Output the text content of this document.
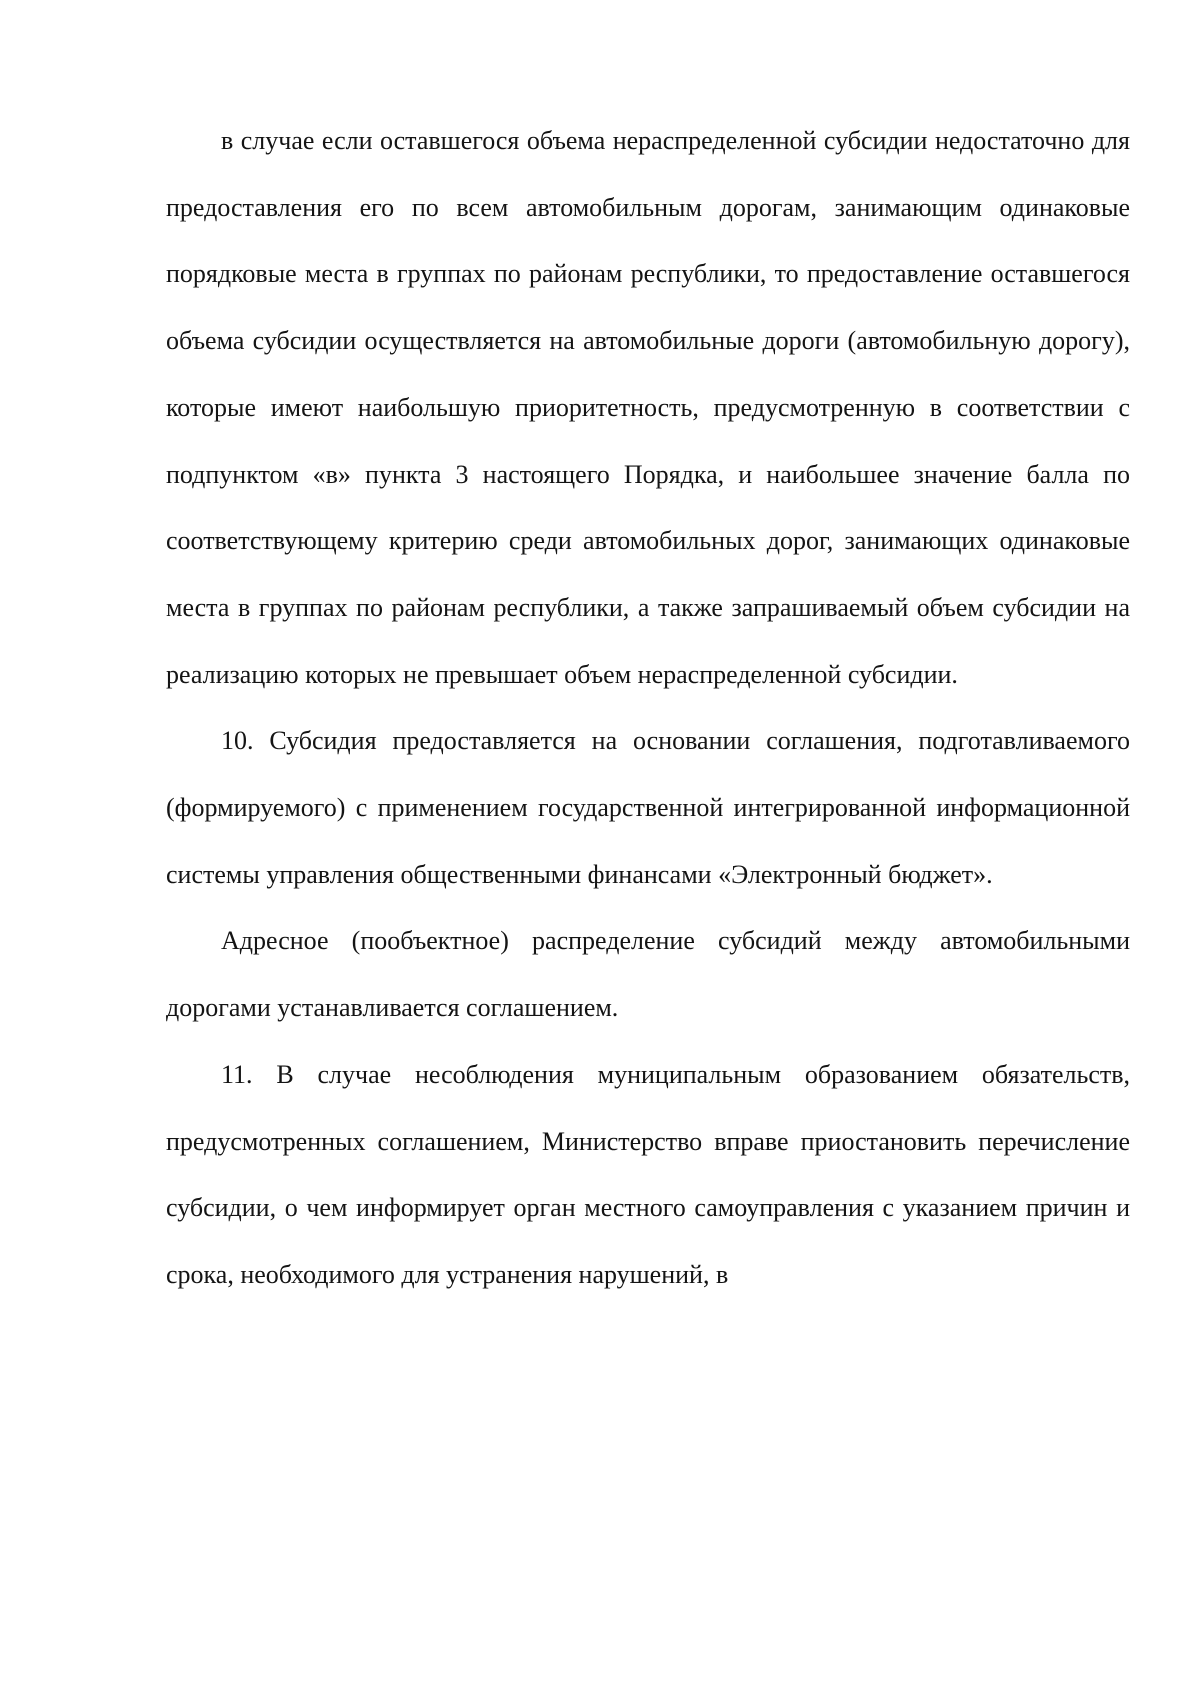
в случае если оставшегося объема нераспределенной субсидии недостаточно для предоставления его по всем автомобильным дорогам, занимающим одинаковые порядковые места в группах по районам республики, то предоставление оставшегося объема субсидии осуществляется на автомобильные дороги (автомобильную дорогу), которые имеют наибольшую приоритетность, предусмотренную в соответствии с подпунктом «в» пункта 3 настоящего Порядка, и наибольшее значение балла по соответствующему критерию среди автомобильных дорог, занимающих одинаковые места в группах по районам республики, а также запрашиваемый объем субсидии на реализацию которых не превышает объем нераспределенной субсидии.

10. Субсидия предоставляется на основании соглашения, подготавливаемого (формируемого) с применением государственной интегрированной информационной системы управления общественными финансами «Электронный бюджет».

Адресное (пообъектное) распределение субсидий между автомобильными дорогами устанавливается соглашением.

11. В случае несоблюдения муниципальным образованием обязательств, предусмотренных соглашением, Министерство вправе приостановить перечисление субсидии, о чем информирует орган местного самоуправления с указанием причин и срока, необходимого для устранения нарушений, в
